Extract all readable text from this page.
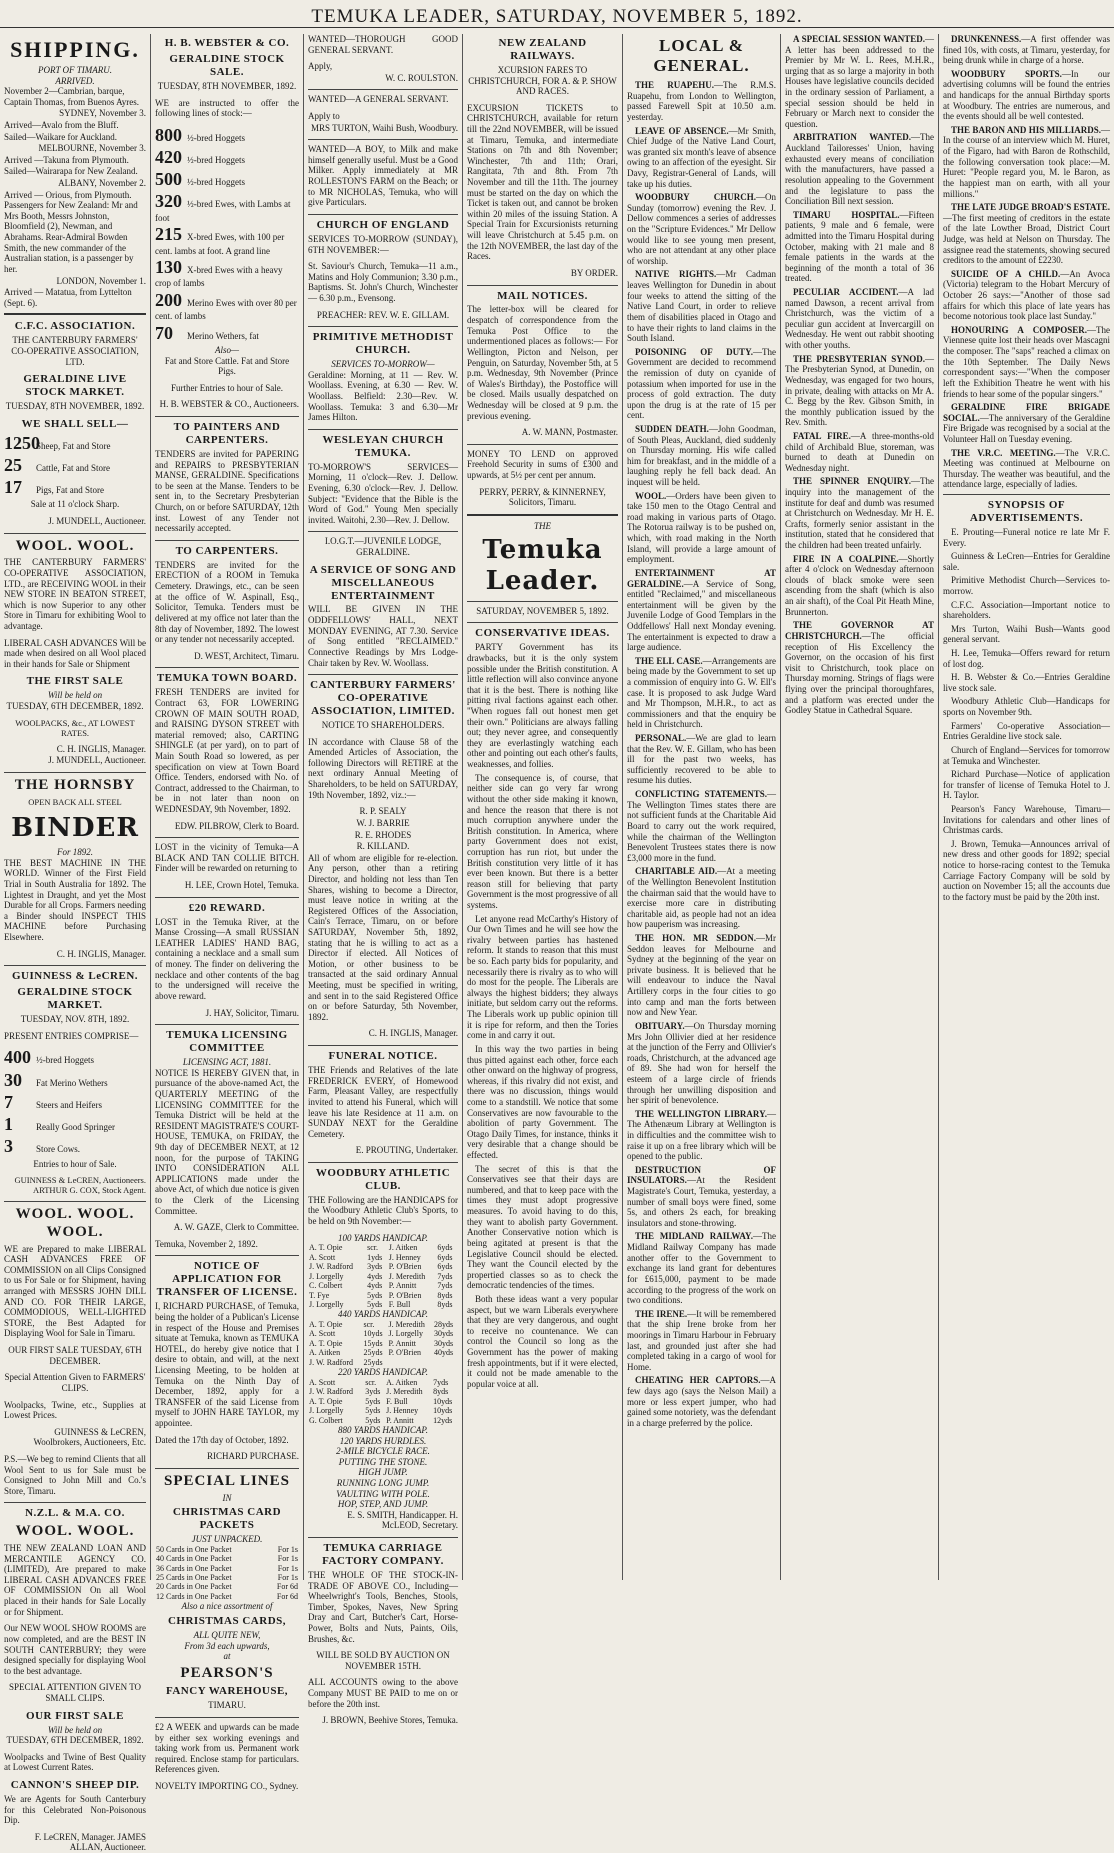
TEMUKA LEADER, SATURDAY, NOVEMBER 5, 1892.
SHIPPING.
PORT OF TIMARU.
ARRIVED.
November 2—Cambrian, barque, Captain Thomas, from Buenos Ayres.
SYDNEY, November 3.
Arrived—Avalo from the Bluff.
Sailed—Waikare for Auckland.
MELBOURNE, November 3.
Arrived —Takuna from Plymouth.
Sailed—Wairarapa for New Zealand.
ALBANY, November 2.
Arrived — Orious, from Plymouth. Passengers for New Zealand: Mr and Mrs Booth, Messrs Johnston, Bloomfield (2), Newman, and Abrahams. Rear-Admiral Bowden Smith, the new commander of the Australian station, is a passenger by her.
LONDON, November 1.
Arrived — Matatua, from Lyttelton (Sept. 6).
C.F.C. ASSOCIATION.
THE CANTERBURY FARMERS' CO-OPERATIVE ASSOCIATION, LTD.
GERALDINE LIVE STOCK MARKET.
TUESDAY, 8TH NOVEMBER, 1892.
WE SHALL SELL—
1250Sheep, Fat and Store
25 Cattle, Fat and Store
17 Pigs, Fat and Store
Sale at 11 o'clock Sharp.
J. MUNDELL, Auctioneer.
WOOL. WOOL.
THE CANTERBURY FARMERS' CO-OPERATIVE ASSOCIATION, LTD., are RECEIVING WOOL in their NEW STORE IN BEATON STREET, which is now Superior to any other Store in Timaru for exhibiting Wool to advantage.
LIBERAL CASH ADVANCES Will be made when desired on all Wool placed in their hands for Sale or Shipment
THE FIRST SALE
Will be held on
TUESDAY, 6TH DECEMBER, 1892.
WOOLPACKS, &c., AT LOWEST RATES.
C. H. INGLIS, Manager.
J. MUNDELL, Auctioneer.
THE HORNSBY
OPEN BACK ALL STEEL
BINDER
For 1892.
THE BEST MACHINE IN THE WORLD. Winner of the First Field Trial in South Australia for 1892. The Lightest in Draught, and yet the Most Durable for all Crops. Farmers needing a Binder should INSPECT THIS MACHINE before Purchasing Elsewhere.
C. H. INGLIS, Manager.
GUINNESS & LeCREN.
GERALDINE STOCK MARKET.
TUESDAY, NOV. 8TH, 1892.
PRESENT ENTRIES COMPRISE—
400 ½-bred Hoggets
30 Fat Merino Wethers
7	Steers and Heifers
1	Really Good Springer
3	Store Cows.
Entries to hour of Sale.
GUINNESS & LeCREN, Auctioneers. ARTHUR G. COX, Stock Agent.
WOOL. WOOL. WOOL.
WE are Prepared to make LIBERAL CASH ADVANCES FREE OF COMMISSION on all Clips Consigned to us For Sale or for Shipment, having arranged with MESSRS JOHN DILL AND CO. FOR THEIR LARGE, COMMODIOUS, WELL-LIGHTED STORE, the Best Adapted for Displaying Wool for Sale in Timaru.
OUR FIRST SALE TUESDAY, 6TH DECEMBER.
Special Attention Given to FARMERS' CLIPS.
Woolpacks, Twine, etc., Supplies at Lowest Prices.
GUINNESS & LeCREN, Woolbrokers, Auctioneers, Etc.
P.S.—We beg to remind Clients that all Wool Sent to us for Sale must be Consigned to John Mill and Co.'s Store, Timaru.
N.Z.L. & M.A. CO.
WOOL. WOOL.
THE NEW ZEALAND LOAN AND MERCANTILE AGENCY CO. (LIMITED), Are prepared to make LIBERAL CASH ADVANCES FREE OF COMMISSION On all Wool placed in their hands for Sale Locally or for Shipment.
Our NEW WOOL SHOW ROOMS are now completed, and are the BEST IN SOUTH CANTERBURY; they were designed specially for displaying Wool to the best advantage.
SPECIAL ATTENTION GIVEN TO SMALL CLIPS.
OUR FIRST SALE
Will be held on
TUESDAY, 6TH DECEMBER, 1892.
Woolpacks and Twine of Best Quality at Lowest Current Rates.
CANNON'S SHEEP DIP.
We are Agents for South Canterbury for this Celebrated Non-Poisonous Dip.
F. LeCREN, Manager. JAMES ALLAN, Auctioneer.
H. B. WEBSTER & CO.
GERALDINE STOCK SALE.
TUESDAY, 8TH NOVEMBER, 1892.
WE are instructed to offer the following lines of stock:—
800 ½-bred Hoggets
420 ½-bred Hoggets
500 ½-bred Hoggets
320 ½-bred Ewes, with Lambs at foot
215 X-bred Ewes, with 100 per cent. lambs at foot. A grand line
130 X-bred Ewes with a heavy crop of lambs
200 Merino Ewes with over 80 per cent. of lambs
70 Merino Wethers, fat
Also—
Fat and Store Cattle. Fat and Store Pigs.
Further Entries to hour of Sale.
H. B. WEBSTER & CO., Auctioneers.
TO PAINTERS AND CARPENTERS.
TENDERS are invited for PAPERING and REPAIRS to PRESBYTERIAN MANSE, GERALDINE. Specifications to be seen at the Manse. Tenders to be sent in, to the Secretary Presbyterian Church, on or before SATURDAY, 12th inst. Lowest of any Tender not necessarily accepted.
TO CARPENTERS.
TENDERS are invited for the ERECTION of a ROOM in Temuka Cemetery. Drawings, etc., can be seen at the office of W. Aspinall, Esq., Solicitor, Temuka. Tenders must be delivered at my office not later than the 8th day of November, 1892. The lowest or any tender not necessarily accepted.
D. WEST, Architect, Timaru.
TEMUKA TOWN BOARD.
FRESH TENDERS are invited for Contract 63, FOR LOWERING CROWN OF MAIN SOUTH ROAD, and RAISING DYSON STREET with material removed; also, CARTING SHINGLE (at per yard), on to part of Main South Road so lowered, as per specification on view at Town Board Office. Tenders, endorsed with No. of Contract, addressed to the Chairman, to be in not later than noon on WEDNESDAY, 9th November, 1892.
EDW. PILBROW, Clerk to Board.
LOST in the vicinity of Temuka—A BLACK AND TAN COLLIE BITCH. Finder will be rewarded on returning to
H. LEE, Crown Hotel, Temuka.
£20 REWARD.
LOST in the Temuka River, at the Manse Crossing—A small RUSSIAN LEATHER LADIES' HAND BAG, containing a necklace and a small sum of money. The finder on delivering the necklace and other contents of the bag to the undersigned will receive the above reward.
J. HAY, Solicitor, Timaru.
TEMUKA LICENSING COMMITTEE
LICENSING ACT, 1881.
NOTICE IS HEREBY GIVEN that, in pursuance of the above-named Act, the QUARTERLY MEETING of the LICENSING COMMITTEE for the Temuka District will be held at the RESIDENT MAGISTRATE'S COURT-HOUSE, TEMUKA, on FRIDAY, the 9th day of DECEMBER NEXT, at 12 noon, for the purpose of TAKING INTO CONSIDERATION ALL APPLICATIONS made under the above Act, of which due notice is given to the Clerk of the Licensing Committee.
A. W. GAZE, Clerk to Committee.
Temuka, November 2, 1892.
NOTICE OF APPLICATION FOR TRANSFER OF LICENSE.
I, RICHARD PURCHASE, of Temuka, being the holder of a Publican's License in respect of the House and Premises situate at Temuka, known as TEMUKA HOTEL, do hereby give notice that I desire to obtain, and will, at the next Licensing Meeting, to be holden at Temuka on the Ninth Day of December, 1892, apply for a TRANSFER of the said License from myself to JOHN HARE TAYLOR, my appointee.
Dated the 17th day of October, 1892.
RICHARD PURCHASE.
SPECIAL LINES
IN
CHRISTMAS CARD PACKETS
JUST UNPACKED.
50 Cards in One Packet	For 1s
40 Cards in One Packet	For 1s
36 Cards in One Packet	For 1s
25 Cards in One Packet	For 1s
20 Cards in One Packet	For 6d
12 Cards in One Packet	For 6d
Also a nice assortment of
CHRISTMAS CARDS,
ALL QUITE NEW,
From 3d each upwards,
at
PEARSON'S
FANCY WAREHOUSE,
TIMARU.
£2 A WEEK and upwards can be made by either sex working evenings and taking work from us. Permanent work required. Enclose stamp for particulars. References given.
NOVELTY IMPORTING CO., Sydney.
WANTED—THOROUGH GOOD GENERAL SERVANT.
Apply,
W. C. ROULSTON.
WANTED—A GENERAL SERVANT.
Apply to
MRS TURTON, Waihi Bush, Woodbury.
WANTED—A BOY, to Milk and make himself generally useful. Must be a Good Milker. Apply immediately at MR ROLLESTON'S FARM on the Beach; or to MR NICHOLAS, Temuka, who will give Particulars.
CHURCH OF ENGLAND
SERVICES TO-MORROW (SUNDAY), 6TH NOVEMBER:—
St. Saviour's Church, Temuka—11 a.m., Matins and Holy Communion; 3.30 p.m., Baptisms. St. John's Church, Winchester — 6.30 p.m., Evensong.
PREACHER: REV. W. E. GILLAM.
PRIMITIVE METHODIST CHURCH.
SERVICES TO-MORROW—
Geraldine: Morning, at 11 — Rev. W. Woollass. Evening, at 6.30 — Rev. W. Woollass. Belfield: 2.30—Rev. W. Woollass. Temuka: 3 and 6.30—Mr James Hilton.
WESLEYAN CHURCH TEMUKA.
TO-MORROW'S SERVICES— Morning, 11 o'clock—Rev. J. Dellow. Evening, 6.30 o'clock—Rev. J. Dellow. Subject: "Evidence that the Bible is the Word of God." Young Men specially invited. Waitohi, 2.30—Rev. J. Dellow.
I.O.G.T.—JUVENILE LODGE, GERALDINE.
A SERVICE OF SONG AND MISCELLANEOUS ENTERTAINMENT
WILL BE GIVEN IN THE ODDFELLOWS' HALL, NEXT MONDAY EVENING, AT 7.30. Service of Song entitled "RECLAIMED." Connective Readings by Mrs Lodge-Chair taken by Rev. W. Woollass.
CANTERBURY FARMERS' CO-OPERATIVE ASSOCIATION, LIMITED.
NOTICE TO SHAREHOLDERS.
IN accordance with Clause 58 of the Amended Articles of Association, the following Directors will RETIRE at the next ordinary Annual Meeting of Shareholders, to be held on SATURDAY, 19th November, 1892, viz.:—
R. P. SEALY
W. J. BARRIE
R. E. RHODES
R. KILLAND.
All of whom are eligible for re-election. Any person, other than a retiring Director, and holding not less than Ten Shares, wishing to become a Director, must leave notice in writing at the Registered Offices of the Association, Cain's Terrace, Timaru, on or before SATURDAY, November 5th, 1892, stating that he is willing to act as a Director if elected. All Notices of Motion, or other business to be transacted at the said ordinary Annual Meeting, must be specified in writing, and sent in to the said Registered Office on or before Saturday, 5th November, 1892.
C. H. INGLIS, Manager.
FUNERAL NOTICE.
THE Friends and Relatives of the late FREDERICK EVERY, of Homewood Farm, Pleasant Valley, are respectfully invited to attend his Funeral, which will leave his late Residence at 11 a.m. on SUNDAY NEXT for the Geraldine Cemetery.
E. PROUTING, Undertaker.
WOODBURY ATHLETIC CLUB.
THE Following are the HANDICAPS for the Woodbury Athletic Club's Sports, to be held on 9th November:—
100 YARDS HANDICAP.
A. T. Opie	scr.	J. Aitken	6yds
A. Scott	1yds	J. Henney	6yds
J. W. Radford	3yds	P. O'Brien	6yds
J. Lorgelly	4yds	J. Meredith	7yds
C. Colbert	4yds	P. Annitt	7yds
T. Fye	5yds	P. O'Brien	8yds
J. Lorgelly	5yds	F. Bull	8yds
440 YARDS HANDICAP.
A. T. Opie	scr.	J. Meredith	28yds
A. Scott	10yds	J. Lorgelly	30yds
A. T. Opie	15yds	P. Annitt	30yds
A. Aitken	25yds	P. O'Brien	40yds
J. W. Radford	25yds		
220 YARDS HANDICAP.
A. Scott	scr.	A. Aitken	7yds
J. W. Radford	3yds	J. Meredith	8yds
A. T. Opie	5yds	F. Bull	10yds
J. Lorgelly	5yds	J. Henney	10yds
G. Colbert	5yds	P. Annitt	12yds
880 YARDS HANDICAP.
120 YARDS HURDLES.
2-MILE BICYCLE RACE.
PUTTING THE STONE.
HIGH JUMP.
RUNNING LONG JUMP.
VAULTING WITH POLE.
HOP, STEP, AND JUMP.
E. S. SMITH, Handicapper. H. McLEOD, Secretary.
TEMUKA CARRIAGE FACTORY COMPANY.
THE WHOLE OF THE STOCK-IN-TRADE OF ABOVE CO., Including— Wheelwright's Tools, Benches, Stools, Timber, Spokes, Naves, New Spring Dray and Cart, Butcher's Cart, Horse-Power, Bolts and Nuts, Paints, Oils, Brushes, &c.
WILL BE SOLD BY AUCTION ON NOVEMBER 15TH.
ALL ACCOUNTS owing to the above Company MUST BE PAID to me on or before the 20th inst.
J. BROWN, Beehive Stores, Temuka.
NEW ZEALAND RAILWAYS.
XCURSION FARES TO CHRISTCHURCH, FOR A. & P. SHOW AND RACES.
EXCURSION TICKETS to CHRISTCHURCH, available for return till the 22nd NOVEMBER, will be issued at Timaru, Temuka, and intermediate Stations on 7th and 8th November; Winchester, 7th and 11th; Orari, Rangitata, 7th and 8th. From 7th November and till the 11th. The journey must be started on the day on which the Ticket is taken out, and cannot be broken within 20 miles of the issuing Station. A Special Train for Excursionists returning will leave Christchurch at 5.45 p.m. on the 12th NOVEMBER, the last day of the Races.
BY ORDER.
MAIL NOTICES.
The letter-box will be cleared for despatch of correspondence from the Temuka Post Office to the undermentioned places as follows:— For Wellington, Picton and Nelson, per Penguin, on Saturday, November 5th, at 5 p.m. Wednesday, 9th November (Prince of Wales's Birthday), the Postoffice will be closed. Mails usually despatched on Wednesday will be closed at 9 p.m. the previous evening.
A. W. MANN, Postmaster.
MONEY TO LEND on approved Freehold Security in sums of £300 and upwards, at 5½ per cent per annum.
PERRY, PERRY, & KINNERNEY, Solicitors, Timaru.
THE
Temuka Leader.
SATURDAY, NOVEMBER 5, 1892.
CONSERVATIVE IDEAS.
PARTY Government has its drawbacks, but it is the only system possible under the British constitution. A little reflection will also convince anyone that it is the best. There is nothing like pitting rival factions against each other. "When rogues fall out honest men get their own." Politicians are always falling out; they never agree, and consequently they are everlastingly watching each other and pointing out each other's faults, weaknesses, and follies.
The consequence is, of course, that neither side can go very far wrong without the other side making it known, and hence the reason that there is not much corruption anywhere under the British constitution. In America, where party Government does not exist, corruption has run riot, but under the British constitution very little of it has ever been known. But there is a better reason still for believing that party Government is the most progressive of all systems.
Let anyone read McCarthy's History of Our Own Times and he will see how the rivalry between parties has hastened reform. It stands to reason that this must be so. Each party bids for popularity, and necessarily there is rivalry as to who will do most for the people. The Liberals are always the highest bidders; they always initiate, but seldom carry out the reforms. The Liberals work up public opinion till it is ripe for reform, and then the Tories come in and carry it out.
In this way the two parties in being thus pitted against each other, force each other onward on the highway of progress, whereas, if this rivalry did not exist, and there was no discussion, things would come to a standstill. We notice that some Conservatives are now favourable to the abolition of party Government. The Otago Daily Times, for instance, thinks it very desirable that a change should be effected.
The secret of this is that the Conservatives see that their days are numbered, and that to keep pace with the times they must adopt progressive measures. To avoid having to do this, they want to abolish party Government. Another Conservative notion which is being agitated at present is that the Legislative Council should be elected. They want the Council elected by the propertied classes so as to check the democratic tendencies of the times.
Both these ideas want a very popular aspect, but we warn Liberals everywhere that they are very dangerous, and ought to receive no countenance. We can control the Council so long as the Government has the power of making fresh appointments, but if it were elected, it could not be made amenable to the popular voice at all.
LOCAL & GENERAL.
THE RUAPEHU.—The R.M.S. Ruapehu, from London to Wellington, passed Farewell Spit at 10.50 a.m. yesterday.
LEAVE OF ABSENCE.—Mr Smith, Chief Judge of the Native Land Court, was granted six month's leave of absence owing to an affection of the eyesight. Sir Davy, Registrar-General of Lands, will take up his duties.
WOODBURY CHURCH.—On Sunday (tomorrow) evening the Rev. J. Dellow commences a series of addresses on the "Scripture Evidences." Mr Dellow would like to see young men present, who are not attendant at any other place of worship.
NATIVE RIGHTS.—Mr Cadman leaves Wellington for Dunedin in about four weeks to attend the sitting of the Native Land Court, in order to relieve them of disabilities placed in Otago and to have their rights to land claims in the South Island.
POISONING OF DUTY.—The Government are decided to recommend the remission of duty on cyanide of potassium when imported for use in the process of gold extraction. The duty upon the drug is at the rate of 15 per cent.
SUDDEN DEATH.—John Goodman, of South Pleas, Auckland, died suddenly on Thursday morning. His wife called him for breakfast, and in the middle of a laughing reply he fell back dead. An inquest will be held.
WOOL.—Orders have been given to take 150 men to the Otago Central and road making in various parts of Otago. The Rotorua railway is to be pushed on, which, with road making in the North Island, will provide a large amount of employment.
ENTERTAINMENT AT GERALDINE.—A Service of Song, entitled "Reclaimed," and miscellaneous entertainment will be given by the Juvenile Lodge of Good Templars in the Oddfellows' Hall next Monday evening. The entertainment is expected to draw a large audience.
THE ELL CASE.—Arrangements are being made by the Government to set up a commission of enquiry into G. W. Ell's case. It is proposed to ask Judge Ward and Mr Thompson, M.H.R., to act as commissioners and that the enquiry be held in Christchurch.
PERSONAL.—We are glad to learn that the Rev. W. E. Gillam, who has been ill for the past two weeks, has sufficiently recovered to be able to resume his duties.
CONFLICTING STATEMENTS.—The Wellington Times states there are not sufficient funds at the Charitable Aid Board to carry out the work required, while the chairman of the Wellington Benevolent Trustees states there is now £3,000 more in the fund.
CHARITABLE AID.—At a meeting of the Wellington Benevolent Institution the chairman said that the would have to exercise more care in distributing charitable aid, as people had not an idea how pauperism was increasing.
THE HON. MR SEDDON.—Mr Seddon leaves for Melbourne and Sydney at the beginning of the year on private business. It is believed that he will endeavour to induce the Naval Artillery corps in the four cities to go into camp and man the forts between now and New Year.
OBITUARY.—On Thursday morning Mrs John Ollivier died at her residence at the junction of the Ferry and Ollivier's roads, Christchurch, at the advanced age of 89. She had won for herself the esteem of a large circle of friends through her unwilling disposition and her spirit of benevolence.
THE WELLINGTON LIBRARY.—The Athenæum Library at Wellington is in difficulties and the committee wish to raise it up on a free library which will be opened to the public.
DESTRUCTION OF INSULATORS.—At the Resident Magistrate's Court, Temuka, yesterday, a number of small boys were fined, some 5s, and others 2s each, for breaking insulators and stone-throwing.
THE MIDLAND RAILWAY.—The Midland Railway Company has made another offer to the Government to exchange its land grant for debentures for £615,000, payment to be made according to the progress of the work on two conditions.
THE IRENE.—It will be remembered that the ship Irene broke from her moorings in Timaru Harbour in February last, and grounded just after she had completed taking in a cargo of wool for Home.
CHEATING HER CAPTORS.—A few days ago (says the Nelson Mail) a more or less expert jumper, who had gained some notoriety, was the defendant in a charge preferred by the police.
A SPECIAL SESSION WANTED.—A letter has been addressed to the Premier by Mr W. L. Rees, M.H.R., urging that as so large a majority in both Houses have legislative councils decided in the ordinary session of Parliament, a special session should be held in February or March next to consider the question.
ARBITRATION WANTED.—The Auckland Tailoresses' Union, having exhausted every means of conciliation with the manufacturers, have passed a resolution appealing to the Government and the legislature to pass the Conciliation Bill next session.
TIMARU HOSPITAL.—Fifteen patients, 9 male and 6 female, were admitted into the Timaru Hospital during October, making with 21 male and 8 female patients in the wards at the beginning of the month a total of 36 treated.
PECULIAR ACCIDENT.—A lad named Dawson, a recent arrival from Christchurch, was the victim of a peculiar gun accident at Invercargill on Wednesday. He went out rabbit shooting with other youths.
THE PRESBYTERIAN SYNOD.—The Presbyterian Synod, at Dunedin, on Wednesday, was engaged for two hours, in private, dealing with attacks on Mr A. C. Begg by the Rev. Gibson Smith, in the monthly publication issued by the Rev. Smith.
FATAL FIRE.—A three-months-old child of Archibald Blue, storeman, was burned to death at Dunedin on Wednesday night.
THE SPINNER ENQUIRY.—The inquiry into the management of the institute for deaf and dumb was resumed at Christchurch on Wednesday. Mr H. E. Crafts, formerly senior assistant in the institution, stated that he considered that the children had been treated unfairly.
FIRE IN A COALPINE.—Shortly after 4 o'clock on Wednesday afternoon clouds of black smoke were seen ascending from the shaft (which is also an air shaft), of the Coal Pit Heath Mine, Brunnerton.
THE GOVERNOR AT CHRISTCHURCH.—The official reception of His Excellency the Governor, on the occasion of his first visit to Christchurch, took place on Thursday morning. Strings of flags were flying over the principal thoroughfares, and a platform was erected under the Godley Statue in Cathedral Square.
DRUNKENNESS.—A first offender was fined 10s, with costs, at Timaru, yesterday, for being drunk while in charge of a horse.
WOODBURY SPORTS.—In our advertising columns will be found the entries and handicaps for the annual Birthday sports at Woodbury. The entries are numerous, and the events should all be well contested.
THE BARON AND HIS MILLIARDS.—In the course of an interview which M. Huret, of the Figaro, had with Baron de Rothschild, the following conversation took place:—M. Huret: "People regard you, M. le Baron, as the happiest man on earth, with all your millions."
THE LATE JUDGE BROAD'S ESTATE.—The first meeting of creditors in the estate of the late Lowther Broad, District Court Judge, was held at Nelson on Thursday. The assignee read the statements, showing secured creditors to the amount of £2230.
SUICIDE OF A CHILD.—An Avoca (Victoria) telegram to the Hobart Mercury of October 26 says:—"Another of those sad affairs for which this place of late years has become notorious took place last Sunday."
HONOURING A COMPOSER.—The Viennese quite lost their heads over Mascagni the composer. The "saps" reached a climax on the 10th September. The Daily News correspondent says:—"When the composer left the Exhibition Theatre he went with his friends to hear some of the popular singers."
GERALDINE FIRE BRIGADE SOCIAL.—The anniversary of the Geraldine Fire Brigade was recognised by a social at the Volunteer Hall on Tuesday evening.
THE V.R.C. MEETING.—The V.R.C. Meeting was continued at Melbourne on Thursday. The weather was beautiful, and the attendance large, especially of ladies.
SYNOPSIS OF ADVERTISEMENTS.
E. Prouting—Funeral notice re late Mr F. Every.
Guinness & LeCren—Entries for Geraldine sale.
Primitive Methodist Church—Services to-morrow.
C.F.C. Association—Important notice to shareholders.
Mrs Turton, Waihi Bush—Wants good general servant.
H. Lee, Temuka—Offers reward for return of lost dog.
H. B. Webster & Co.—Entries Geraldine live stock sale.
Woodbury Athletic Club—Handicaps for sports on November 9th.
Farmers' Co-operative Association—Entries Geraldine live stock sale.
Church of England—Services for tomorrow at Temuka and Winchester.
Richard Purchase—Notice of application for transfer of license of Temuka Hotel to J. H. Taylor.
Pearson's Fancy Warehouse, Timaru—Invitations for calendars and other lines of Christmas cards.
J. Brown, Temuka—Announces arrival of new dress and other goods for 1892; special notice to horse-racing contest to the Temuka Carriage Factory Company will be sold by auction on November 15; all the accounts due to the factory must be paid by the 20th inst.
